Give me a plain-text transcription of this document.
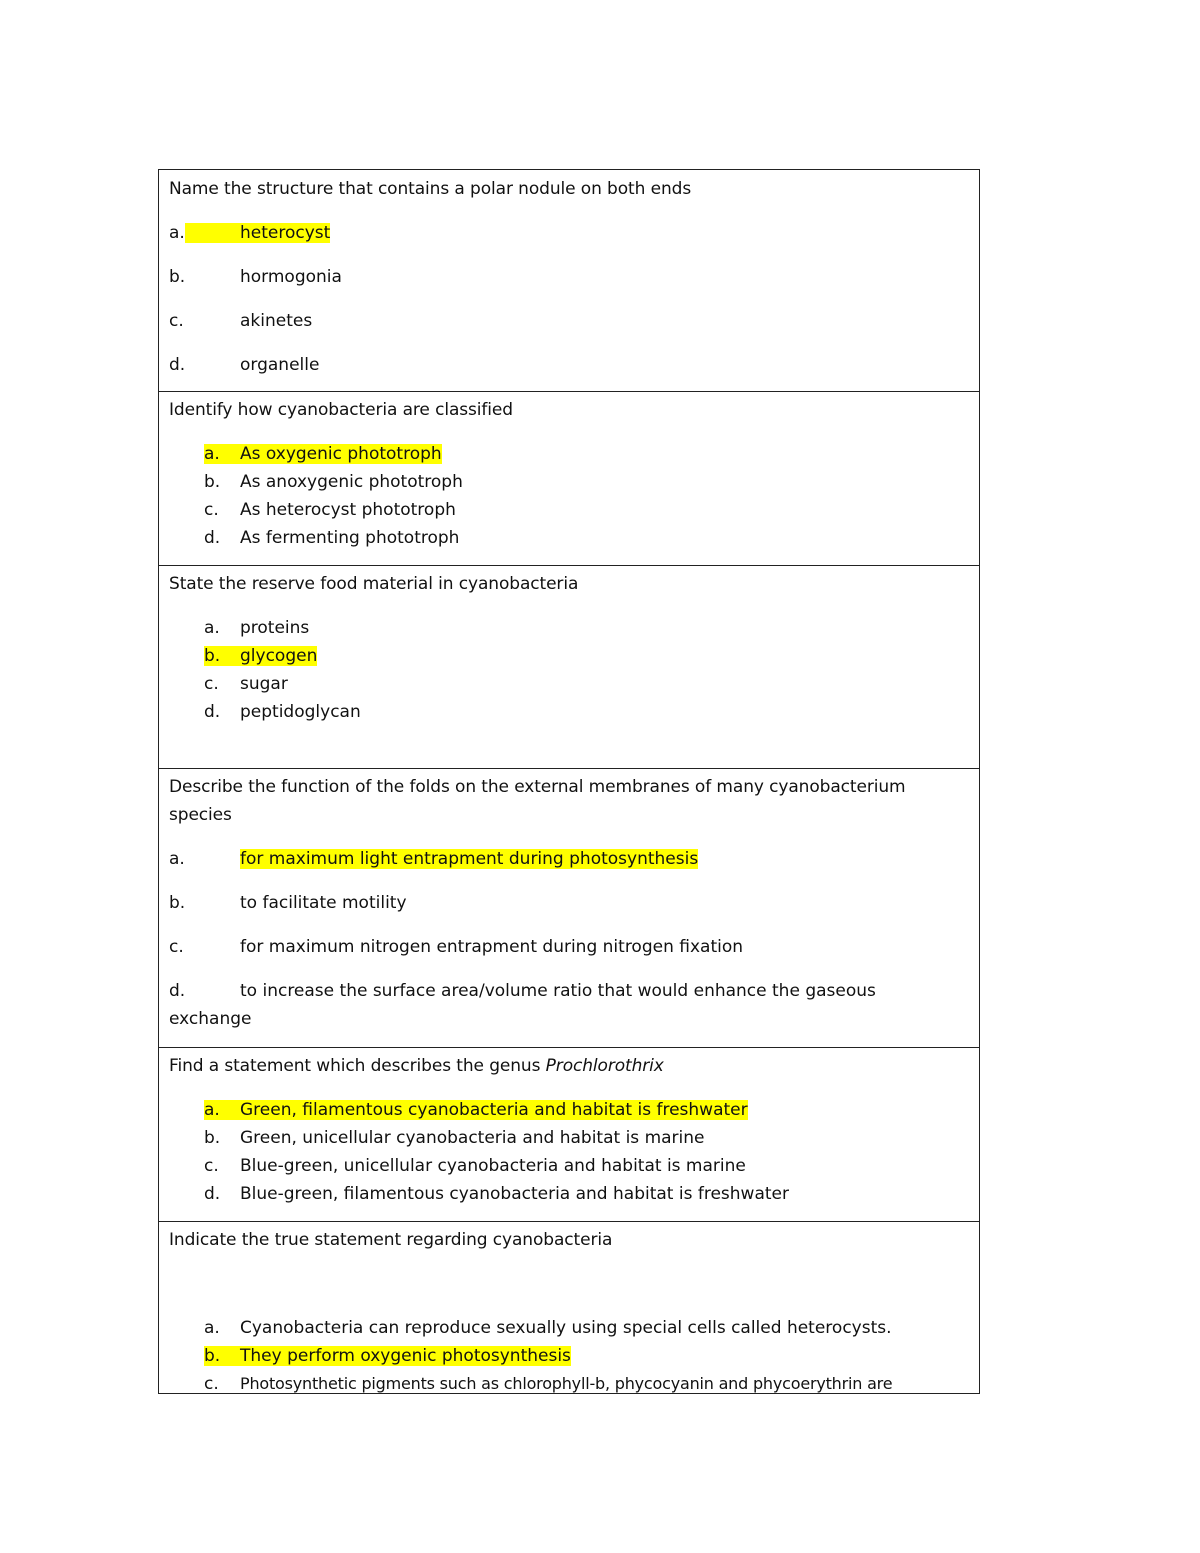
Name the structure that contains a polar nodule on both ends
a.	heterocyst
b.	hormogonia
c.	akinetes
d.	organelle
Identify how cyanobacteria are classified
a. As oxygenic phototroph
b. As anoxygenic phototroph
c. As heterocyst phototroph
d. As fermenting phototroph
State the reserve food material in cyanobacteria
a. proteins
b. glycogen
c. sugar
d. peptidoglycan
Describe the function of the folds on the external membranes of many cyanobacterium species
a.	for maximum light entrapment during photosynthesis
b.	to facilitate motility
c.	for maximum nitrogen entrapment during nitrogen fixation
d.	to increase the surface area/volume ratio that would enhance the gaseous exchange
Find a statement which describes the genus Prochlorothrix
a. Green, filamentous cyanobacteria and habitat is freshwater
b. Green, unicellular cyanobacteria and habitat is marine
c. Blue-green, unicellular cyanobacteria and habitat is marine
d. Blue-green, filamentous cyanobacteria and habitat is freshwater
Indicate the true statement regarding cyanobacteria
a. Cyanobacteria can reproduce sexually using special cells called heterocysts.
b. They perform oxygenic photosynthesis
c. Photosynthetic pigments such as chlorophyll-b, phycocyanin and phycoerythrin are
